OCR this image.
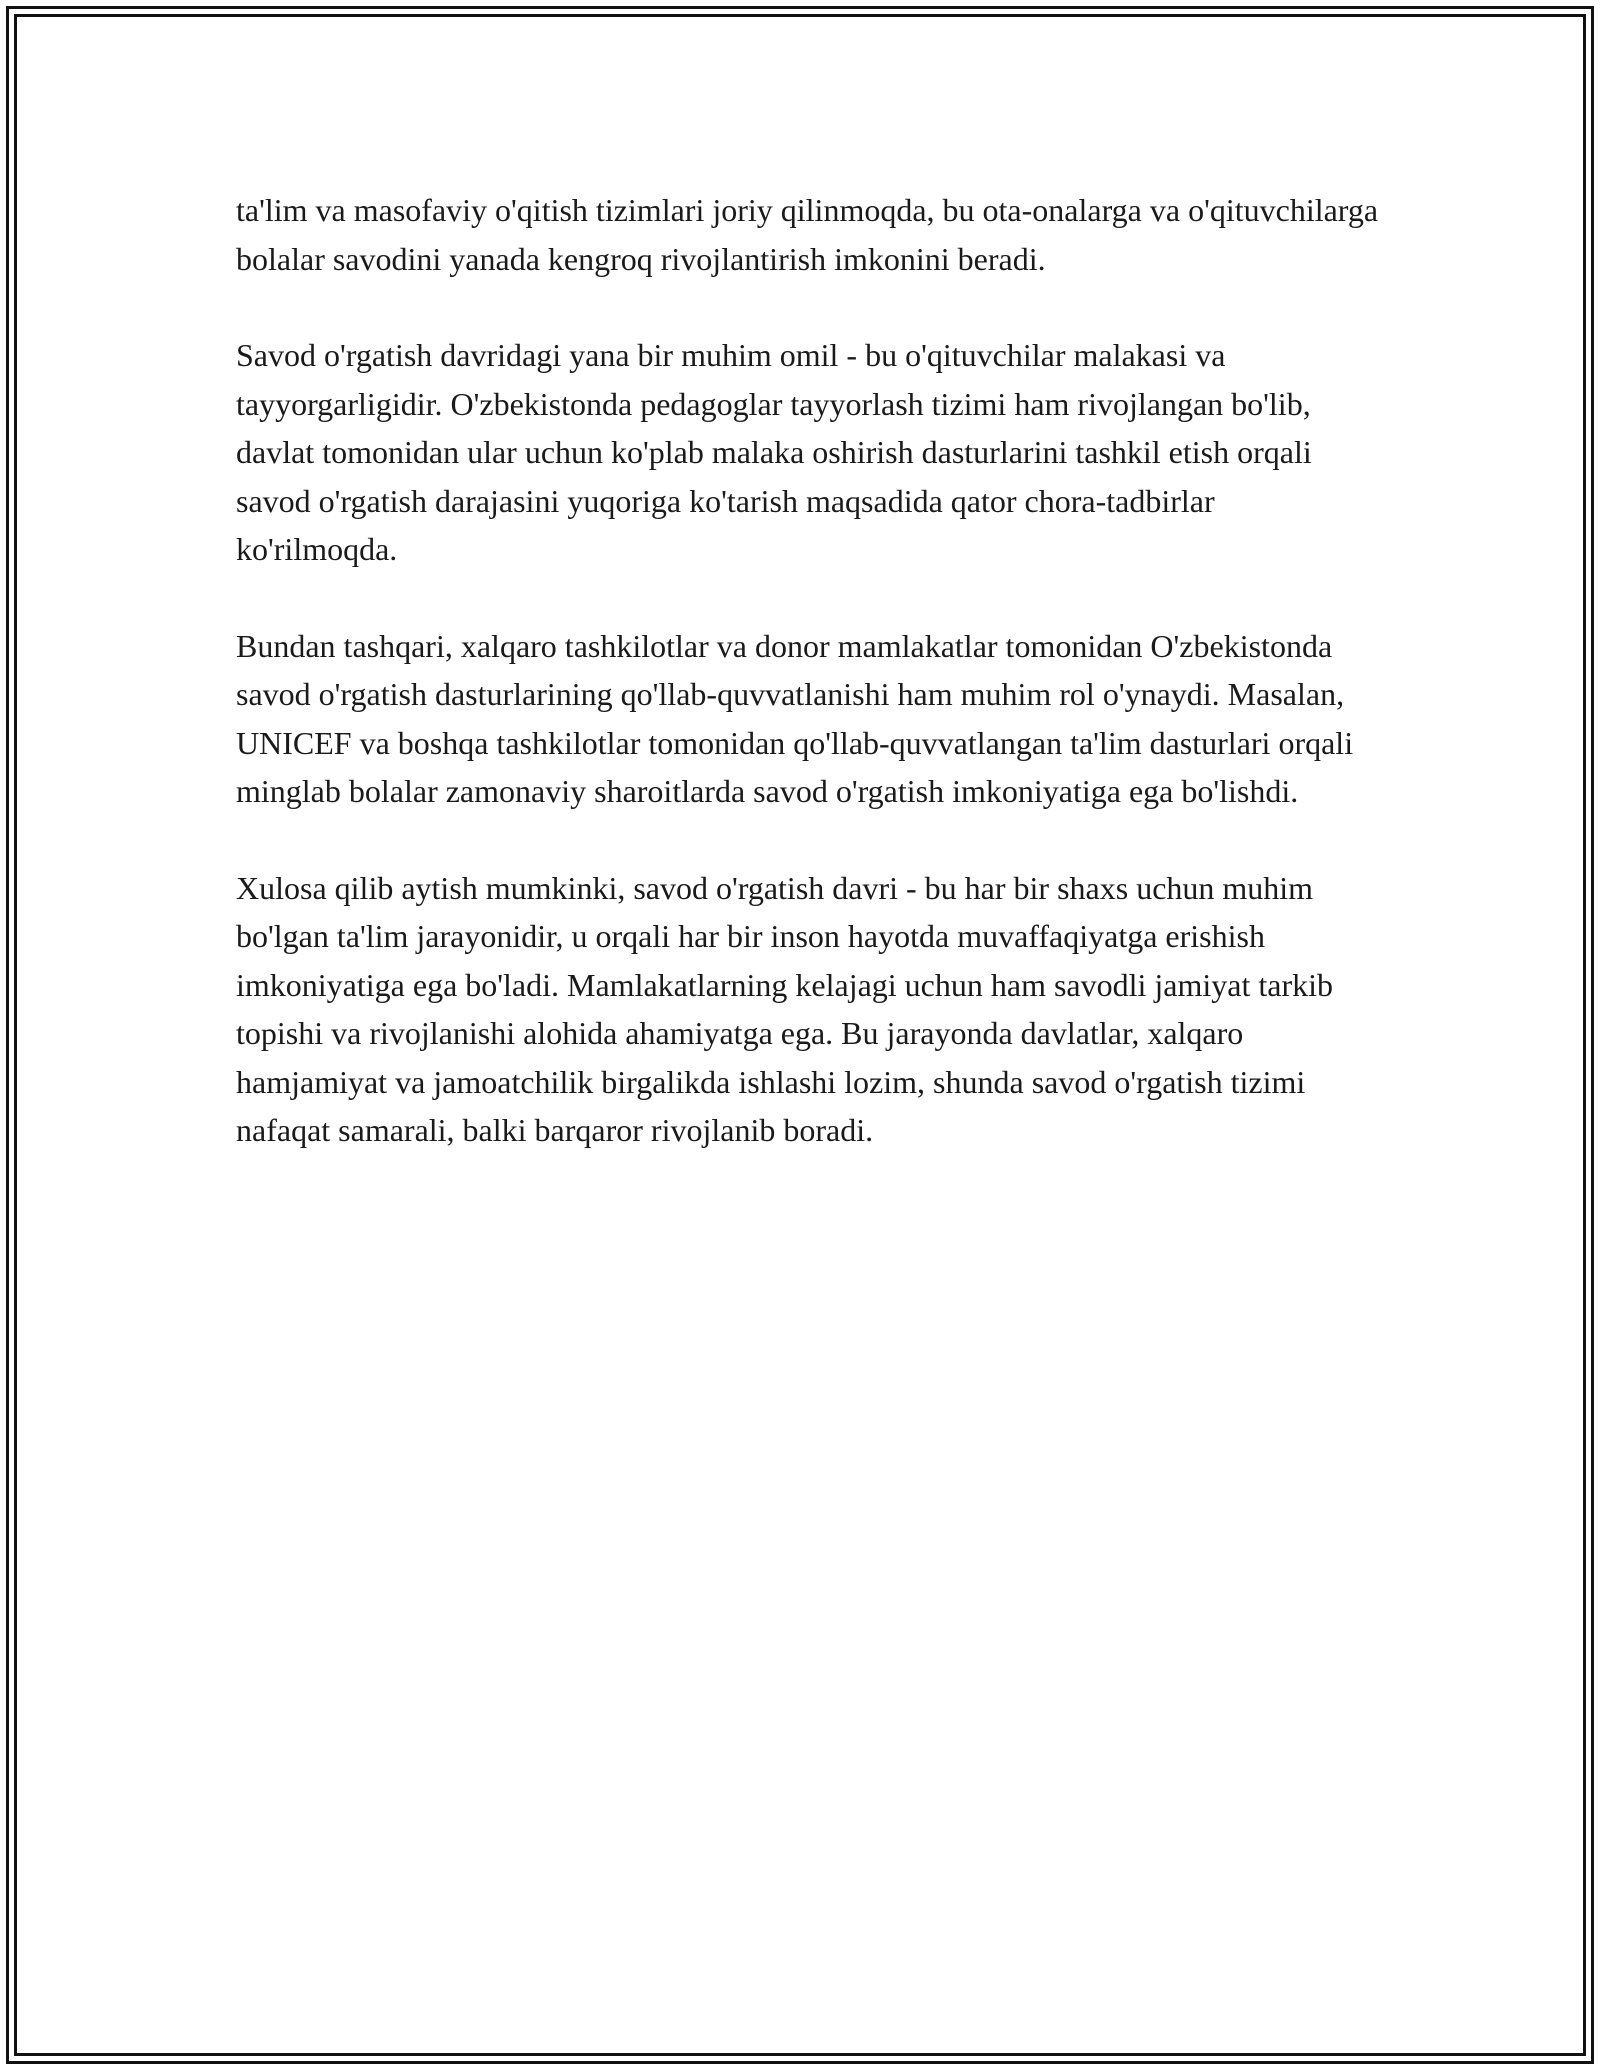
ta'lim va masofaviy o'qitish tizimlari joriy qilinmoqda, bu ota-onalarga va o'qituvchilarga bolalar savodini yanada kengroq rivojlantirish imkonini beradi.

Savod o'rgatish davridagi yana bir muhim omil - bu o'qituvchilar malakasi va tayyorgarligidir. O'zbekistonda pedagoglar tayyorlash tizimi ham rivojlangan bo'lib, davlat tomonidan ular uchun ko'plab malaka oshirish dasturlarini tashkil etish orqali savod o'rgatish darajasini yuqoriga ko'tarish maqsadida qator chora-tadbirlar ko'rilmoqda.

Bundan tashqari, xalqaro tashkilotlar va donor mamlakatlar tomonidan O'zbekistonda savod o'rgatish dasturlarining qo'llab-quvvatlanishi ham muhim rol o'ynaydi. Masalan, UNICEF va boshqa tashkilotlar tomonidan qo'llab-quvvatlangan ta'lim dasturlari orqali minglab bolalar zamonaviy sharoitlarda savod o'rgatish imkoniyatiga ega bo'lishdi.

Xulosa qilib aytish mumkinki, savod o'rgatish davri - bu har bir shaxs uchun muhim bo'lgan ta'lim jarayonidir, u orqali har bir inson hayotda muvaffaqiyatga erishish imkoniyatiga ega bo'ladi. Mamlakatlarning kelajagi uchun ham savodli jamiyat tarkib topishi va rivojlanishi alohida ahamiyatga ega. Bu jarayonda davlatlar, xalqaro hamjamiyat va jamoatchilik birgalikda ishlashi lozim, shunda savod o'rgatish tizimi nafaqat samarali, balki barqaror rivojlanib boradi.
